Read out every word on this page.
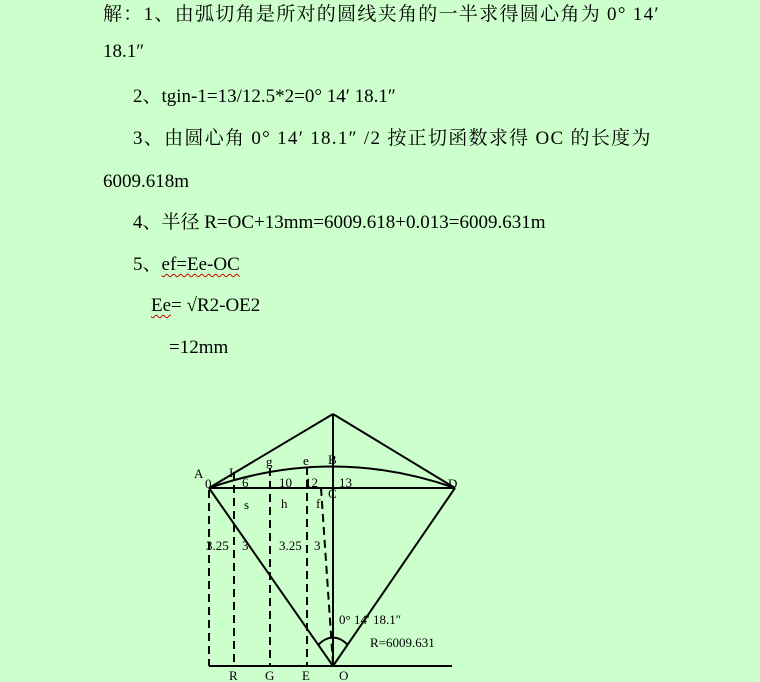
解：1、由弧切角是所对的圆线夹角的一半求得圆心角为 0° 14′
18.1″
2、tgin-1=13/12.5*2=0° 14′ 18.1″
3、由圆心角 0° 14′ 18.1″ /2 按正切函数求得 OC 的长度为
6009.618m
4、半径 R=OC+13mm=6009.618+0.013=6009.631m
5、ef=Ee-OC
Ee= √R2-OE2
=12mm
A I
g e B
D
C
0 6 10 12 13
s h f
3.25 3 3.25 3
0° 14′ 18.1″
R=6009.631
R G E O
